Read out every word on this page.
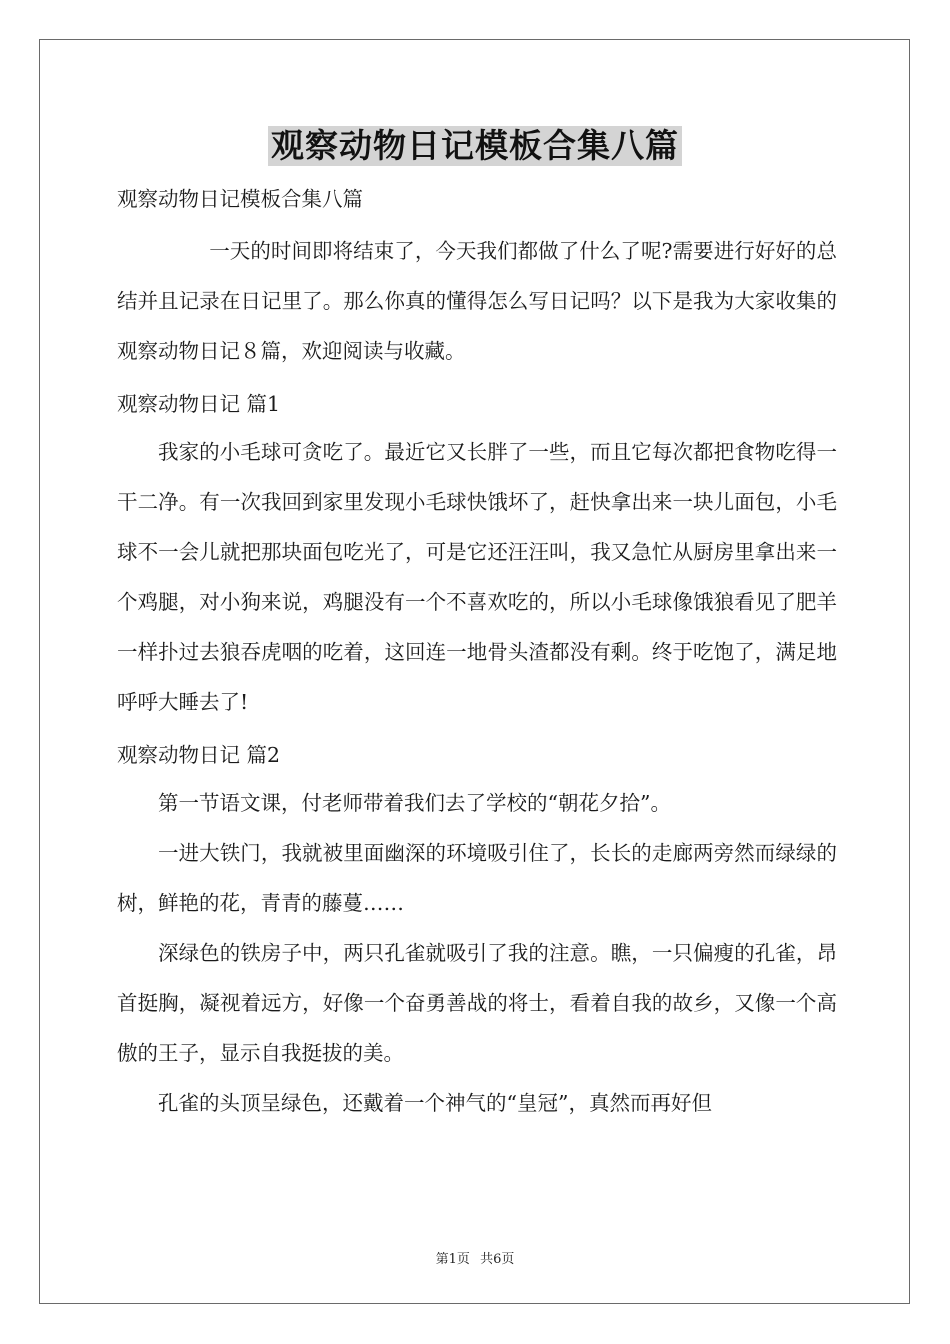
观察动物日记模板合集八篇

观察动物日记模板合集八篇

一天的时间即将结束了，今天我们都做了什么了呢?需要进行好好的总结并且记录在日记里了。那么你真的懂得怎么写日记吗？以下是我为大家收集的观察动物日记８篇，欢迎阅读与收藏。

观察动物日记 篇1

我家的小毛球可贪吃了。最近它又长胖了一些，而且它每次都把食物吃得一干二净。有一次我回到家里发现小毛球快饿坏了，赶快拿出来一块儿面包，小毛球不一会儿就把那块面包吃光了，可是它还汪汪叫，我又急忙从厨房里拿出来一个鸡腿，对小狗来说，鸡腿没有一个不喜欢吃的，所以小毛球像饿狼看见了肥羊一样扑过去狼吞虎咽的吃着，这回连一地骨头渣都没有剩。终于吃饱了，满足地呼呼大睡去了!

观察动物日记 篇2

第一节语文课，付老师带着我们去了学校的“朝花夕拾”。

一进大铁门，我就被里面幽深的环境吸引住了，长长的走廊两旁然而绿绿的树，鲜艳的花，青青的藤蔓……

深绿色的铁房子中，两只孔雀就吸引了我的注意。瞧，一只偏瘦的孔雀，昂首挺胸，凝视着远方，好像一个奋勇善战的将士，看着自我的故乡，又像一个高傲的王子，显示自我挺拔的美。

孔雀的头顶呈绿色，还戴着一个神气的“皇冠”，真然而再好但

第1页 共6页
